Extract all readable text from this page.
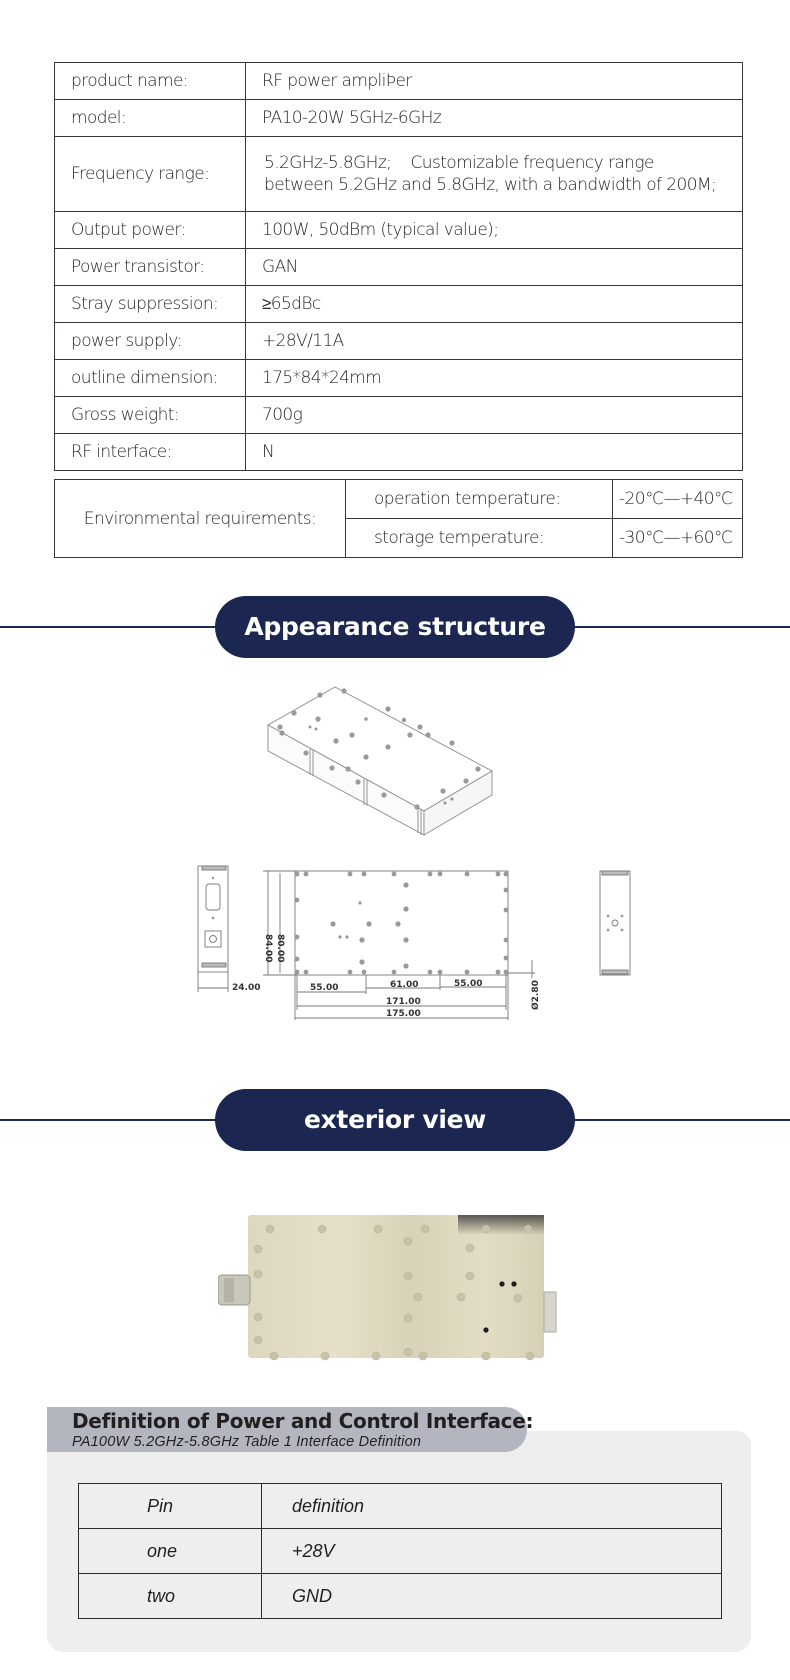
product name:	RF power ampliÞer
model:	PA10-20W 5GHz-6GHz
Frequency range:	5.2GHz-5.8GHz;    Customizable frequency range
between 5.2GHz and 5.8GHz, with a bandwidth of 200M;

Output power:	100W, 50dBm (typical value);
Power transistor:	GAN
Stray suppression:	≥65dBc
power supply:	+28V/11A
outline dimension:	175*84*24mm
Gross weight:	700g
RF interface:	N
Environmental requirements:	operation temperature:	-20℃—+40℃
	storage temperature:	-30℃—+60℃
Appearance structure
24.00	55.00	61.00	55.00
171.00
175.00
84.00 80.00
Ø2.80
exterior view
Definition of Power and Control Interface:
PA100W 5.2GHz-5.8GHz Table 1 Interface Definition
Pin	definition
one	+28V
two	GND
